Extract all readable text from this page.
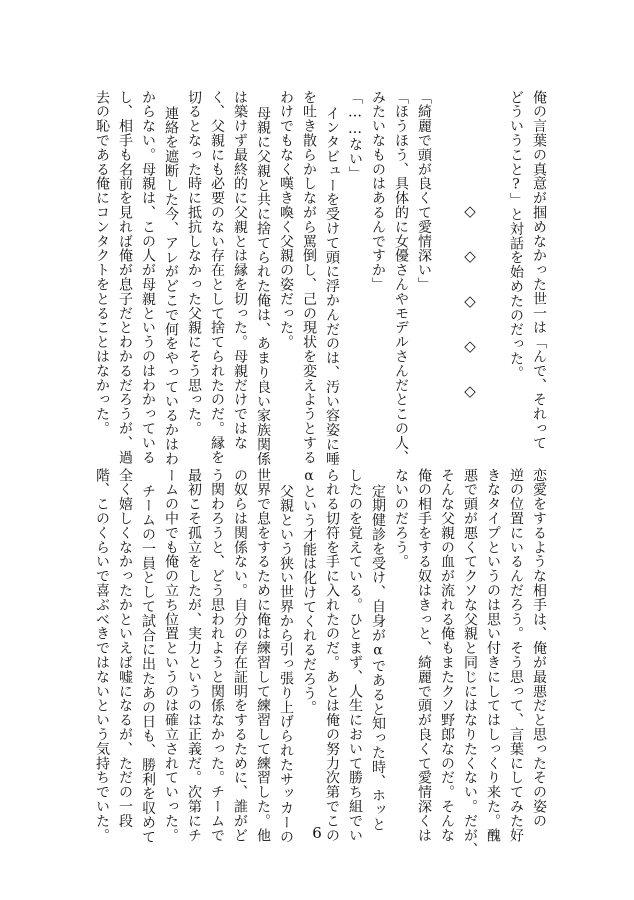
俺の言葉の真意が掴めなかった世一は「んで、それって
どういうこと?」と対話を始めたのだった。
◇　◇　◇　◇　◇
「綺麗で頭が良くて愛情深い」
「ほうほう、具体的に女優さんやモデルさんだとこの人、
みたいなものはあるんですか」
「……ない」
インタビューを受けて頭に浮かんだのは、汚い容姿に唾
を吐き散らかしながら罵倒し、己の現状を変えようとする
わけでもなく嘆き喚く父親の姿だった。
母親に父親と共に捨てられた俺は、あまり良い家族関係
は築けず最終的に父親とは縁を切った。母親だけではな
く、父親にも必要のない存在として捨てられたのだ。縁を
切るとなった時に抵抗しなかった父親にそう思った。
連絡を遮断した今、アレがどこで何をやっているかはわ
からない。母親は、この人が母親というのはわかっている
し、相手も名前を見れば俺が息子だとわかるだろうが、過
去の恥である俺にコンタクトをとることはなかった。
恋愛をするような相手は、俺が最悪だと思ったその姿の
逆の位置にいるんだろう。そう思って、言葉にしてみた好
きなタイプというのは思い付きにしてはしっくり来た。醜
悪で頭が悪くてクソな父親と同じにはなりたくない。だが、
そんな父親の血が流れる俺もまたクソ野郎なのだ。そんな
俺の相手をする奴はきっと、綺麗で頭が良くて愛情深くは
ないのだろう。
定期健診を受け、自身がαであると知った時、ホッと
したのを覚えている。ひとまず、人生において勝ち組でい
られる切符を手に入れたのだ。あとは俺の努力次第でこの
αという才能は化けてくれるだろう。
父親という狭い世界から引っ張り上げられたサッカーの
世界で息をするために俺は練習して練習して練習した。他
の奴らは関係ない。自分の存在証明をするために、誰がど
う関わろうと、どう思われようと関係なかった。チームで
最初こそ孤立をしたが、実力というのは正義だ。次第にチ
ームの中でも俺の立ち位置というのは確立されていった。
チームの一員として試合に出たあの日も、勝利を収めて
全く嬉しくなかったかといえば嘘になるが、ただの一段
階、このくらいで喜ぶべきではないという気持ちでいた。	6
